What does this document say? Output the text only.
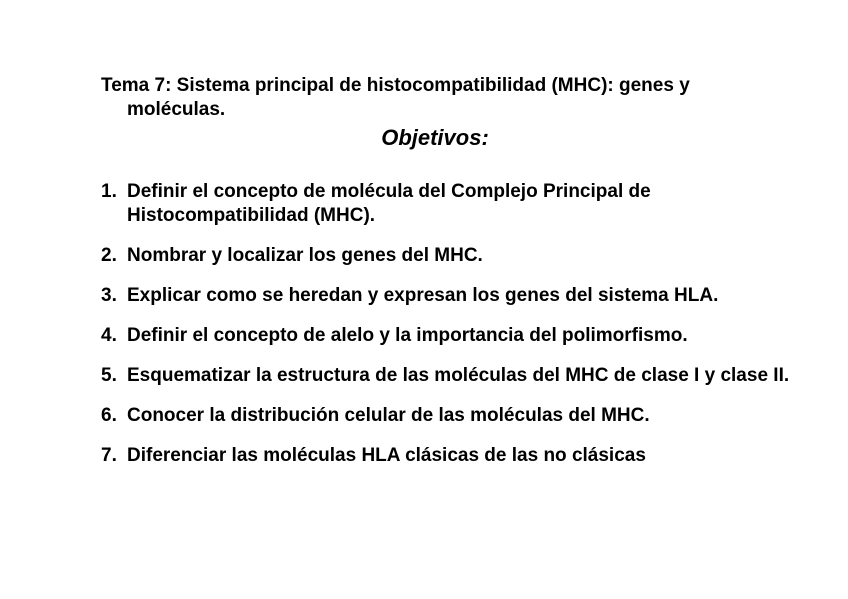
Tema 7: Sistema principal de histocompatibilidad (MHC): genes y moléculas.
Objetivos:
1. Definir el concepto de molécula del Complejo Principal de Histocompatibilidad (MHC).
2. Nombrar y localizar los genes del MHC.
3. Explicar como se heredan y expresan los genes del sistema HLA.
4. Definir el concepto de alelo y la importancia del polimorfismo.
5. Esquematizar la estructura de las moléculas del MHC de clase I y clase II.
6. Conocer la distribución celular de las moléculas del MHC.
7. Diferenciar las moléculas HLA clásicas de las no clásicas
